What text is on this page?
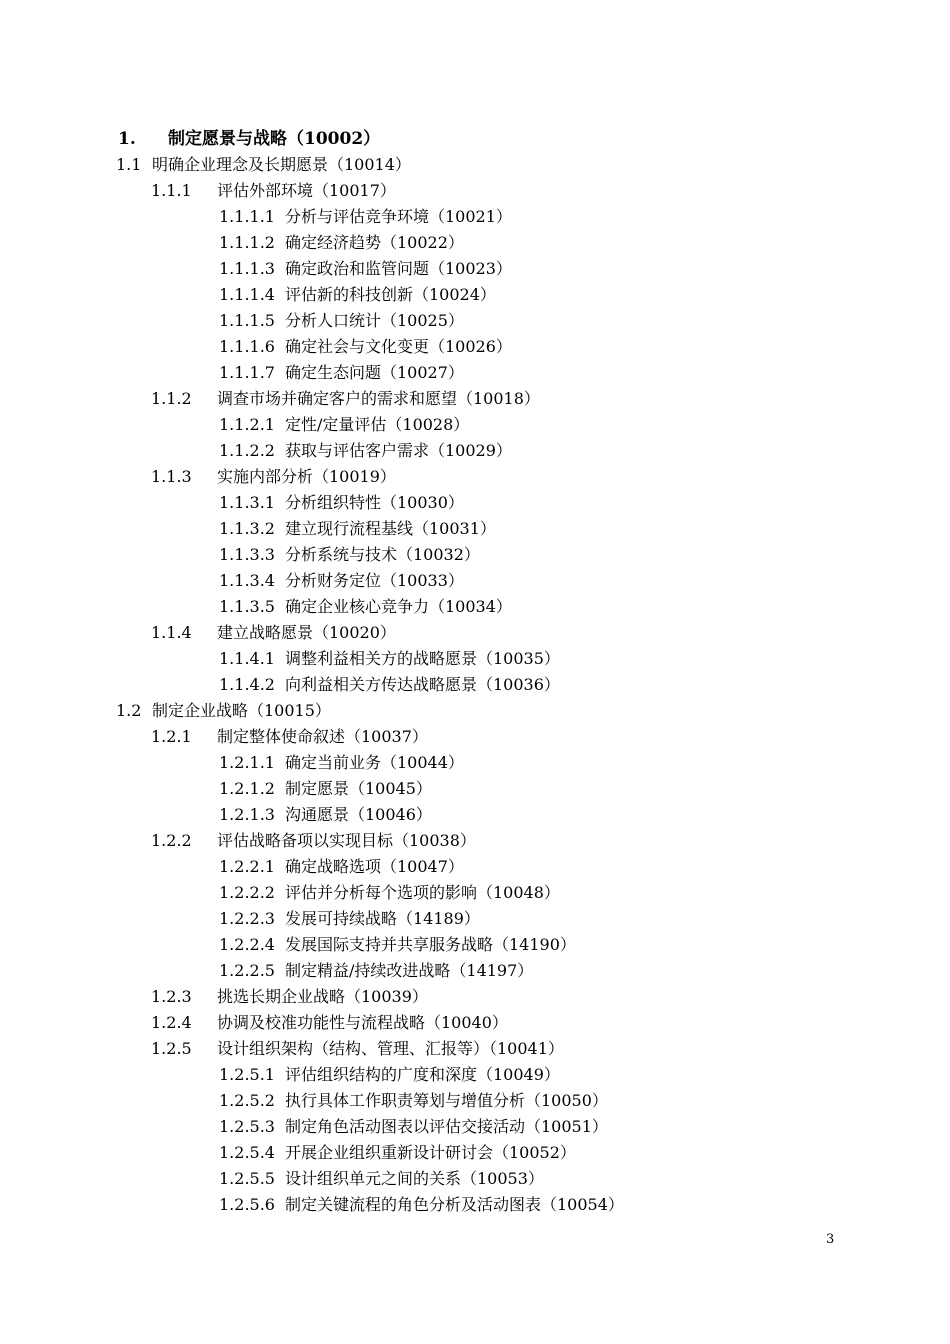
1. 制定愿景与战略（10002）
1.1 明确企业理念及长期愿景（10014）
1.1.1 评估外部环境（10017）
1.1.1.1 分析与评估竞争环境（10021）
1.1.1.2 确定经济趋势（10022）
1.1.1.3 确定政治和监管问题（10023）
1.1.1.4 评估新的科技创新（10024）
1.1.1.5 分析人口统计（10025）
1.1.1.6 确定社会与文化变更（10026）
1.1.1.7 确定生态问题（10027）
1.1.2 调查市场并确定客户的需求和愿望（10018）
1.1.2.1 定性/定量评估（10028）
1.1.2.2 获取与评估客户需求（10029）
1.1.3 实施内部分析（10019）
1.1.3.1 分析组织特性（10030）
1.1.3.2 建立现行流程基线（10031）
1.1.3.3 分析系统与技术（10032）
1.1.3.4 分析财务定位（10033）
1.1.3.5 确定企业核心竞争力（10034）
1.1.4 建立战略愿景（10020）
1.1.4.1 调整利益相关方的战略愿景（10035）
1.1.4.2 向利益相关方传达战略愿景（10036）
1.2 制定企业战略（10015）
1.2.1 制定整体使命叙述（10037）
1.2.1.1 确定当前业务（10044）
1.2.1.2 制定愿景（10045）
1.2.1.3 沟通愿景（10046）
1.2.2 评估战略备项以实现目标（10038）
1.2.2.1 确定战略选项（10047）
1.2.2.2 评估并分析每个选项的影响（10048）
1.2.2.3 发展可持续战略（14189）
1.2.2.4 发展国际支持并共享服务战略（14190）
1.2.2.5 制定精益/持续改进战略（14197）
1.2.3 挑选长期企业战略（10039）
1.2.4 协调及校准功能性与流程战略（10040）
1.2.5 设计组织架构（结构、管理、汇报等）（10041）
1.2.5.1 评估组织结构的广度和深度（10049）
1.2.5.2 执行具体工作职责筹划与增值分析（10050）
1.2.5.3 制定角色活动图表以评估交接活动（10051）
1.2.5.4 开展企业组织重新设计研讨会（10052）
1.2.5.5 设计组织单元之间的关系（10053）
1.2.5.6 制定关键流程的角色分析及活动图表（10054）
3
